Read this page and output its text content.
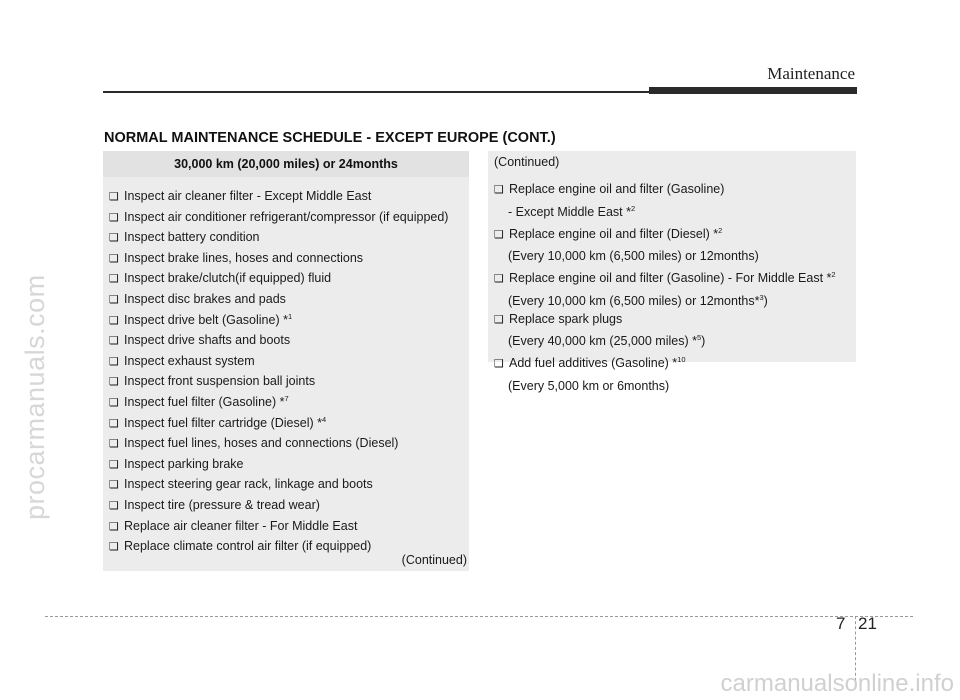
procarmanuals.com
Maintenance
NORMAL MAINTENANCE SCHEDULE - EXCEPT EUROPE (CONT.)
30,000 km (20,000 miles) or 24months
❑ Inspect air cleaner filter - Except Middle East
❑ Inspect air conditioner refrigerant/compressor (if equipped)
❑ Inspect battery condition
❑ Inspect brake lines, hoses and connections
❑ Inspect brake/clutch(if equipped) fluid
❑ Inspect disc brakes and pads
❑ Inspect drive belt (Gasoline) *$^1$
❑ Inspect drive shafts and boots
❑ Inspect exhaust system
❑ Inspect front suspension ball joints
❑ Inspect fuel filter (Gasoline) *$^7$
❑ Inspect fuel filter cartridge (Diesel) *$^4$
❑ Inspect fuel lines, hoses and connections (Diesel)
❑ Inspect parking brake
❑ Inspect steering gear rack, linkage and boots
❑ Inspect tire (pressure & tread wear)
❑ Replace air cleaner filter - For Middle East
❑ Replace climate control air filter (if equipped)
(Continued)
(Continued)
❑ Replace engine oil and filter (Gasoline)
- Except Middle East *$^2$
❑ Replace engine oil and filter (Diesel) *$^2$
(Every 10,000 km (6,500 miles) or 12months)
❑ Replace engine oil and filter (Gasoline) - For Middle East *$^2$
(Every 10,000 km (6,500 miles) or 12months*$^3$)
❑ Replace spark plugs
(Every 40,000 km (25,000 miles) *$^5$)
❑ Add fuel additives (Gasoline) *$^{10}$
(Every 5,000 km or 6months)
7 21
carmanualsonline.info
